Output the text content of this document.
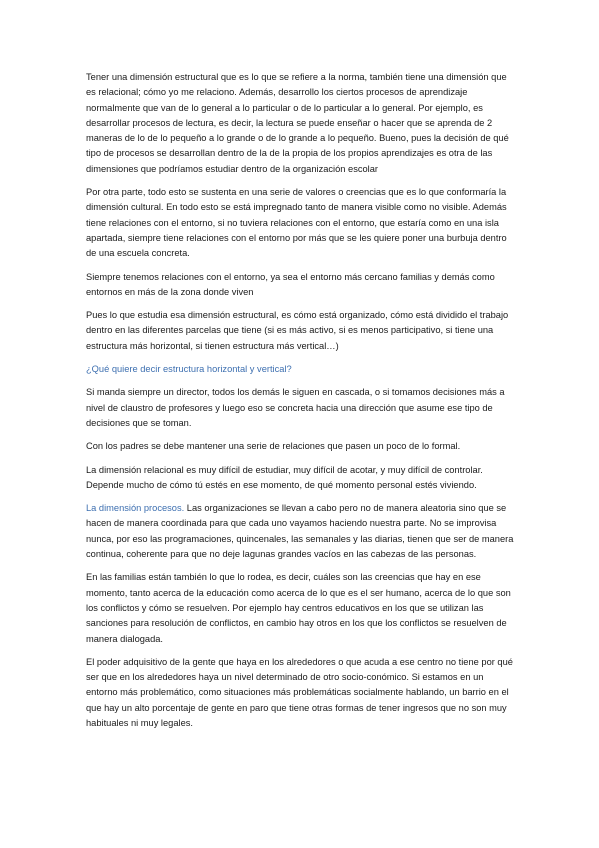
Tener una dimensión estructural que es lo que se refiere a la norma, también tiene una dimensión que es relacional; cómo yo me relaciono. Además, desarrollo los ciertos procesos de aprendizaje normalmente que van de lo general a lo particular o de lo particular a lo general. Por ejemplo, es desarrollar procesos de lectura, es decir, la lectura se puede enseñar o hacer que se aprenda de 2 maneras de lo de lo pequeño a lo grande o de lo grande a lo pequeño. Bueno, pues la decisión de qué tipo de procesos se desarrollan dentro de la de la propia de los propios aprendizajes es otra de las dimensiones que podríamos estudiar dentro de la organización escolar

Por otra parte, todo esto se sustenta en una serie de valores o creencias que es lo que conformaría la dimensión cultural. En todo esto se está impregnado tanto de manera visible como no visible. Además tiene relaciones con el entorno, si no tuviera relaciones con el entorno, que estaría como en una isla apartada, siempre tiene relaciones con el entorno por más que se les quiere poner una burbuja dentro de una escuela concreta.

Siempre tenemos relaciones con el entorno, ya sea el entorno más cercano familias y demás como entornos en más de la zona donde viven

Pues lo que estudia esa dimensión estructural, es cómo está organizado, cómo está dividido el trabajo dentro en las diferentes parcelas que tiene (si es más activo, si es menos participativo, si tiene una estructura más horizontal, si tienen estructura más vertical…)

¿Qué quiere decir estructura horizontal y vertical?

Si manda siempre un director, todos los demás le siguen en cascada, o si tomamos decisiones más a nivel de claustro de profesores y luego eso se concreta hacia una dirección que asume ese tipo de decisiones que se toman.

Con los padres se debe mantener una serie de relaciones que pasen un poco de lo formal.

La dimensión relacional es muy difícil de estudiar, muy difícil de acotar, y muy difícil de controlar. Depende mucho de cómo tú estés en ese momento, de qué momento personal estés viviendo.

La dimensión procesos. Las organizaciones se llevan a cabo pero no de manera aleatoria sino que se hacen de manera coordinada para que cada uno vayamos haciendo nuestra parte. No se improvisa nunca, por eso las programaciones, quincenales, las semanales y las diarias, tienen que ser de manera continua, coherente para que no deje lagunas grandes vacíos en las cabezas de las personas.

En las familias están también lo que lo rodea, es decir, cuáles son las creencias que hay en ese momento, tanto acerca de la educación como acerca de lo que es el ser humano, acerca de lo que son los conflictos y cómo se resuelven. Por ejemplo hay centros educativos en los que se utilizan las sanciones para resolución de conflictos, en cambio hay otros en los que los conflictos se resuelven de manera dialogada.

El poder adquisitivo de la gente que haya en los alrededores o que acuda a ese centro no tiene por qué ser que en los alrededores haya un nivel determinado de otro socio-conómico. Si estamos en un entorno más problemático, como situaciones más problemáticas socialmente hablando, un barrio en el que hay un alto porcentaje de gente en paro que tiene otras formas de tener ingresos que no son muy habituales ni muy legales.
